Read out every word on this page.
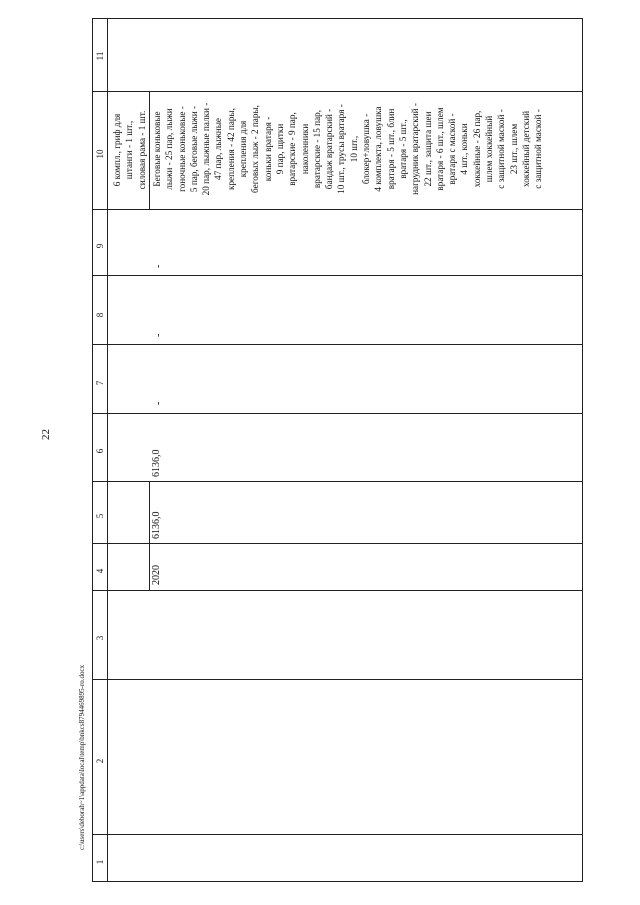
22
c:\users\deborah~1\appdata\local\temp\bnkcs8794469895-ro.docx
1
2
3
4
5
6
7
8
9
10
11
6 компл., гриф для штанги - 1 шт., силовая рама - 1 шт.
2020
6136,0
6136,0
-
-
-
Беговые коньковые лыжи - 25 пар, лыжи гоночные коньковые - 5 пар, беговые лыжи - 20 пар, лыжные палки - 47 пар, лыжные крепления - 42 пары, крепления для беговых лыж - 2 пары, коньки вратаря - 9 пар, щитки вратарские - 9 пар, наколенники вратарские - 15 пар, бандаж вратарский - 10 шт., трусы вратаря - 10 шт., блокер+ловушка - 4 комплекта, ловушка вратаря - 5 шт., блин вратаря - 5 шт., нагрудник вратарский - 22 шт., защита шеи вратаря - 6 шт., шлем вратаря с маской - 4 шт., коньки хоккейные - 26 пар, шлем хоккейный с защитной маской - 23 шт., шлем хоккейный детский с защитной маской -
